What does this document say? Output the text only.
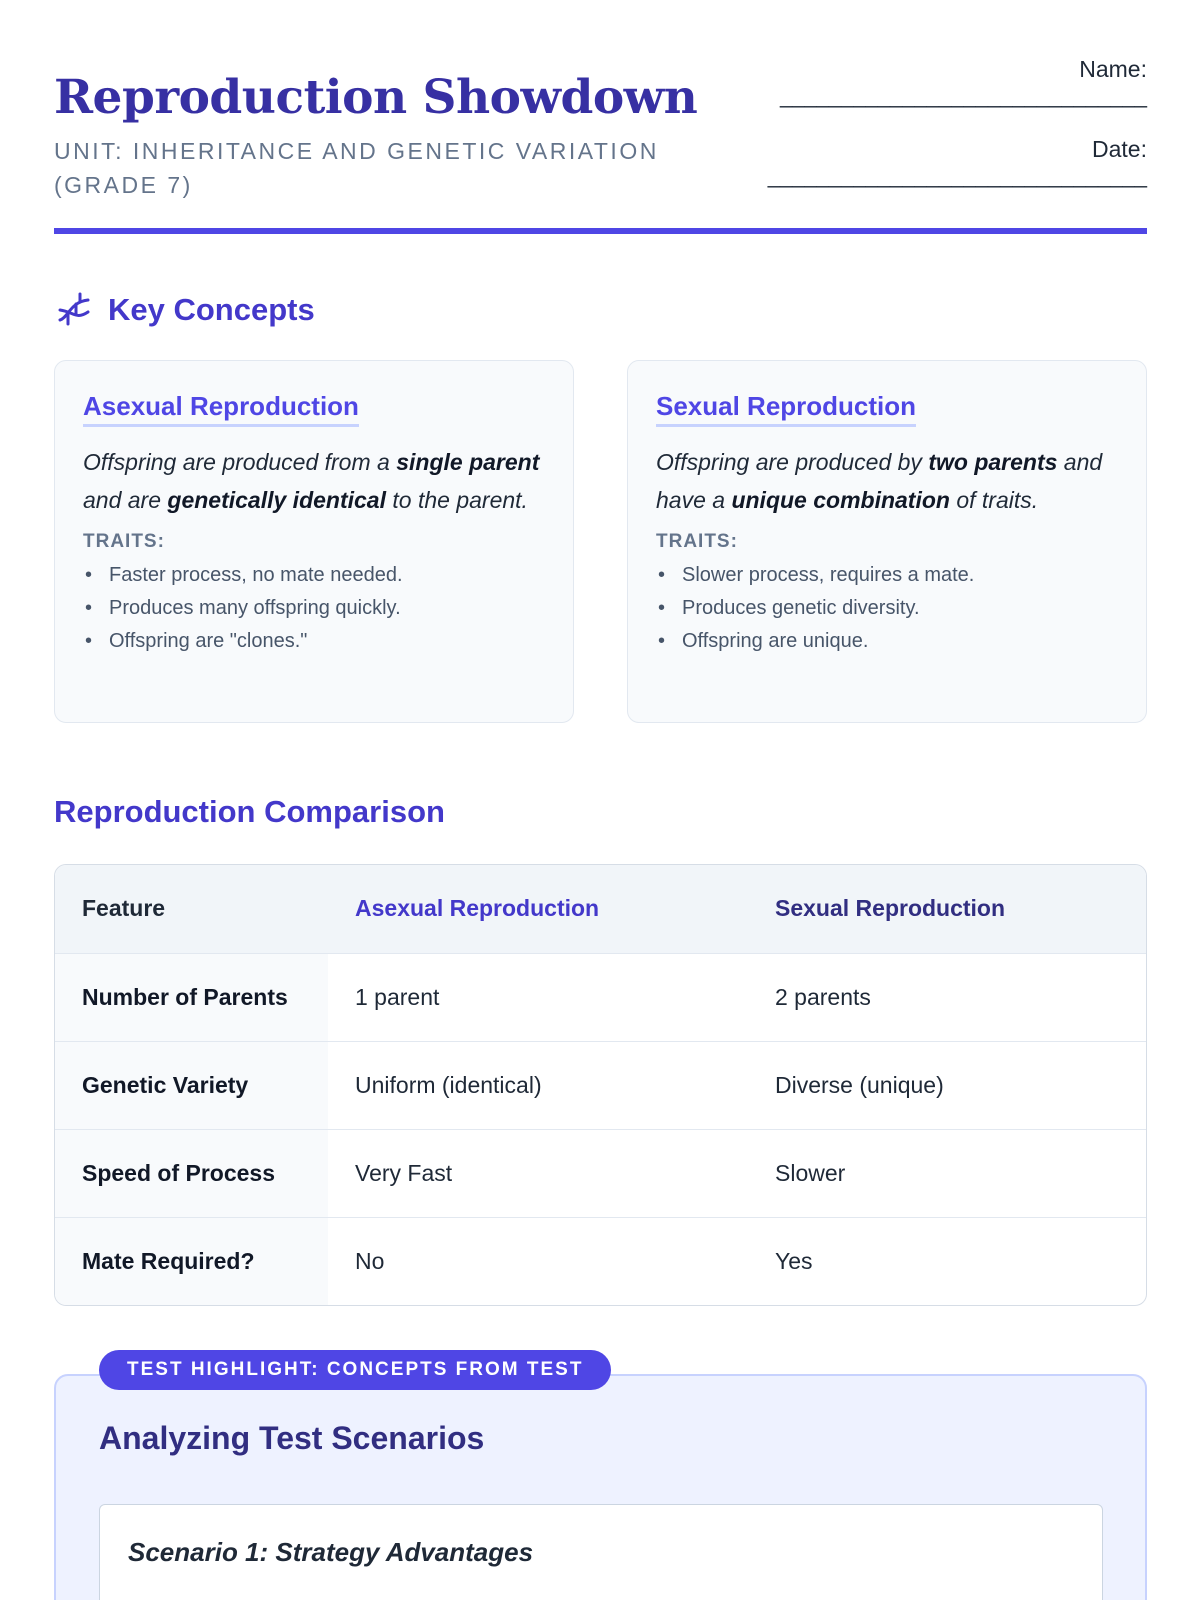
Reproduction Showdown
UNIT: INHERITANCE AND GENETIC VARIATION (GRADE 7)
Name:
______________________________
Date:
_______________________________
Key Concepts
Asexual Reproduction

Offspring are produced from a single parent and are genetically identical to the parent.

TRAITS:
• Faster process, no mate needed.
• Produces many offspring quickly.
• Offspring are "clones."
Sexual Reproduction

Offspring are produced by two parents and have a unique combination of traits.

TRAITS:
• Slower process, requires a mate.
• Produces genetic diversity.
• Offspring are unique.
Reproduction Comparison
Feature	Asexual Reproduction	Sexual Reproduction
Number of Parents	1 parent	2 parents
Genetic Variety	Uniform (identical)	Diverse (unique)
Speed of Process	Very Fast	Slower
Mate Required?	No	Yes
TEST HIGHLIGHT: CONCEPTS FROM TEST
Analyzing Test Scenarios
Scenario 1: Strategy Advantages
